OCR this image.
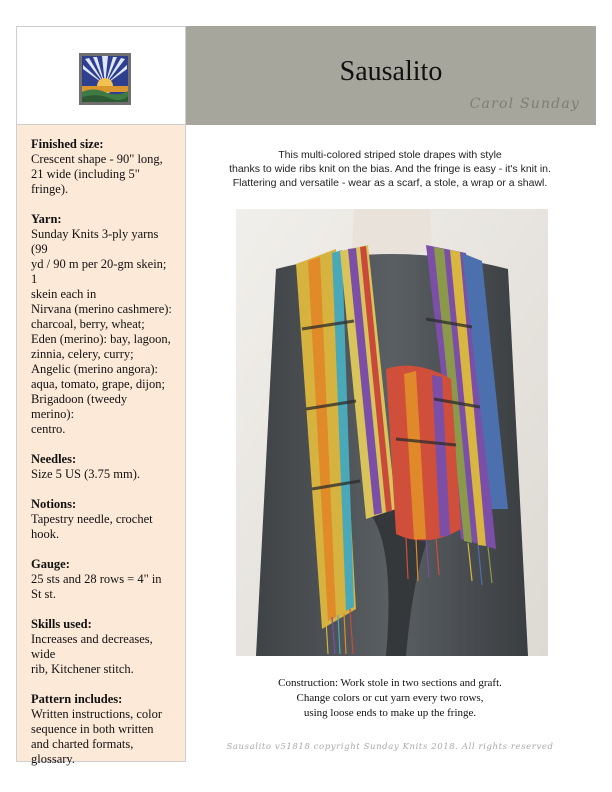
Sausalito
Carol Sunday
Finished size:
Crescent shape - 90" long,
21 wide (including 5"
fringe).
Yarn:
Sunday Knits 3-ply yarns (99
yd / 90 m per 20-gm skein; 1
skein each in
Nirvana (merino cashmere):
charcoal, berry, wheat;
Eden (merino): bay, lagoon,
zinnia, celery, curry;
Angelic (merino angora):
aqua, tomato, grape, dijon;
Brigadoon (tweedy merino):
centro.
Needles:
Size 5 US (3.75 mm).
Notions:
Tapestry needle, crochet
hook.
Gauge:
25 sts and 28 rows = 4" in
St st.
Skills used:
Increases and decreases, wide
rib, Kitchener stitch.
Pattern includes:
Written instructions, color
sequence in both written
and charted formats,
glossary.
This multi-colored striped stole drapes with style
thanks to wide ribs knit on the bias. And the fringe is easy - it's knit in.
Flattering and versatile - wear as a scarf, a stole, a wrap or a shawl.
Construction: Work stole in two sections and graft.
Change colors or cut yarn every two rows,
using loose ends to make up the fringe.
Sausalito v51818 copyright Sunday Knits 2018. All rights reserved
